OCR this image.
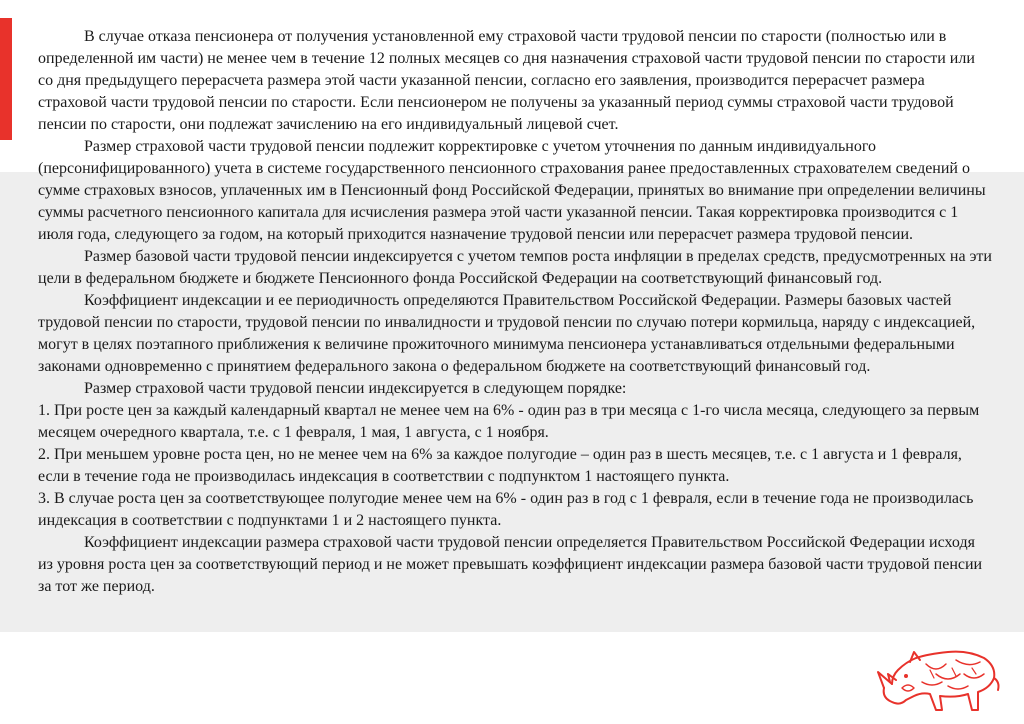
В случае отказа пенсионера от получения установленной ему страховой части трудовой пенсии по старости (полностью или в определенной им части) не менее чем в течение 12 полных месяцев со дня назначения страховой части трудовой пенсии по старости или со дня предыдущего перерасчета размера этой части указанной пенсии, согласно его заявления, производится перерасчет размера страховой части трудовой пенсии по старости. Если пенсионером не получены за указанный период суммы страховой части трудовой пенсии по старости, они подлежат зачислению на его индивидуальный лицевой счет.

Размер страховой части трудовой пенсии подлежит корректировке с учетом уточнения по данным индивидуального (персонифицированного) учета в системе государственного пенсионного страхования ранее предоставленных страхователем сведений о сумме страховых взносов, уплаченных им в Пенсионный фонд Российской Федерации, принятых во внимание при определении величины суммы расчетного пенсионного капитала для исчисления размера этой части указанной пенсии. Такая корректировка производится с 1 июля года, следующего за годом, на который приходится назначение трудовой пенсии или перерасчет размера трудовой пенсии.

Размер базовой части трудовой пенсии индексируется с учетом темпов роста инфляции в пределах средств, предусмотренных на эти цели в федеральном бюджете и бюджете Пенсионного фонда Российской Федерации на соответствующий финансовый год.

Коэффициент индексации и ее периодичность определяются Правительством Российской Федерации. Размеры базовых частей трудовой пенсии по старости, трудовой пенсии по инвалидности и трудовой пенсии по случаю потери кормильца, наряду с индексацией, могут в целях поэтапного приближения к величине прожиточного минимума пенсионера устанавливаться отдельными федеральными законами одновременно с принятием федерального закона о федеральном бюджете на соответствующий финансовый год.

Размер страховой части трудовой пенсии индексируется в следующем порядке:

1. При росте цен за каждый календарный квартал не менее чем на 6% - один раз в три месяца с 1-го числа месяца, следующего за первым месяцем очередного квартала, т.е. с 1 февраля, 1 мая, 1 августа, с 1 ноября.

2. При меньшем уровне роста цен, но не менее чем на 6% за каждое полугодие – один раз в шесть месяцев, т.е. с 1 августа и 1 февраля, если в течение года не производилась индексация в соответствии с подпунктом 1 настоящего пункта.

3. В случае роста цен за соответствующее полугодие менее чем на 6% - один раз в год с 1 февраля, если в течение года не производилась индексация в соответствии с подпунктами 1 и 2 настоящего пункта.

Коэффициент индексации размера страховой части трудовой пенсии определяется Правительством Российской Федерации исходя из уровня роста цен за соответствующий период и не может превышать коэффициент индексации размера базовой части трудовой пенсии за тот же период.
